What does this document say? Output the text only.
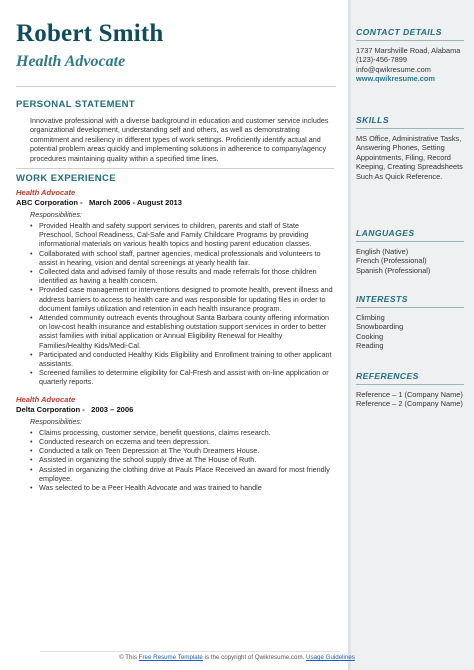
Robert Smith
Health Advocate
PERSONAL STATEMENT
Innovative professional with a diverse background in education and customer service includes organizational development, understanding self and others, as well as demonstrating commitment and resiliency in different types of work settings. Proficiently identify actual and potential problem areas quickly and implementing solutions in adherence to company/agency procedures maintaining quality within a specified time lines.
WORK EXPERIENCE
Health Advocate
ABC Corporation - March 2006 - August 2013
Responsibilities:
• Provided Health and safety support services to children, parents and staff of State Preschool, School Readiness, Cal-Safe and Family Childcare Programs by providing informational materials on various health topics and hosting parent education classes.
• Collaborated with school staff, partner agencies, medical professionals and volunteers to assist in hearing, vision and dental screenings at yearly health fair.
• Collected data and advised family of those results and made referrals for those children identified as having a health concern.
• Provided case management or interventions designed to promote health, prevent illness and address barriers to access to health care and was responsible for updating files in order to document familys utilization and retention in each health insurance program.
• Attended community outreach events throughout Santa Barbara county offering information on low-cost health insurance and establishing outstation support services in order to better assist families with initial application or Annual Eligibility Renewal for Healthy Families/Healthy Kids/Medi-Cal.
• Participated and conducted Healthy Kids Eligibility and Enrollment training to other applicant assistants.
• Screened families to determine eligibility for Cal-Fresh and assist with on-line application or quarterly reports.
Health Advocate
Delta Corporation - 2003 – 2006
Responsibilities:
• Claims processing, customer service, benefit questions, claims research.
• Conducted research on eczema and teen depression.
• Conducted a talk on Teen Depression at The Youth Dreamers House.
• Assisted in organizing the school supply drive at The House of Ruth.
• Assisted in organizing the clothing drive at Pauls Place Received an award for most friendly employee.
• Was selected to be a Peer Health Advocate and was trained to handle
CONTACT DETAILS
1737 Marshville Road, Alabama
(123)-456-7899
info@qwikresume.com
www.qwikresume.com
SKILLS
MS Office, Administrative Tasks, Answering Phones, Setting Appointments, Filing, Record Keeping, Creating Spreadsheets Such As Quick Reference.
LANGUAGES
English (Native)
French (Professional)
Spanish (Professional)
INTERESTS
Climbing
Snowboarding
Cooking
Reading
REFERENCES
Reference – 1 (Company Name)
Reference – 2 (Company Name)
© This Free Resume Template is the copyright of Qwikresume.com. Usage Guidelines
